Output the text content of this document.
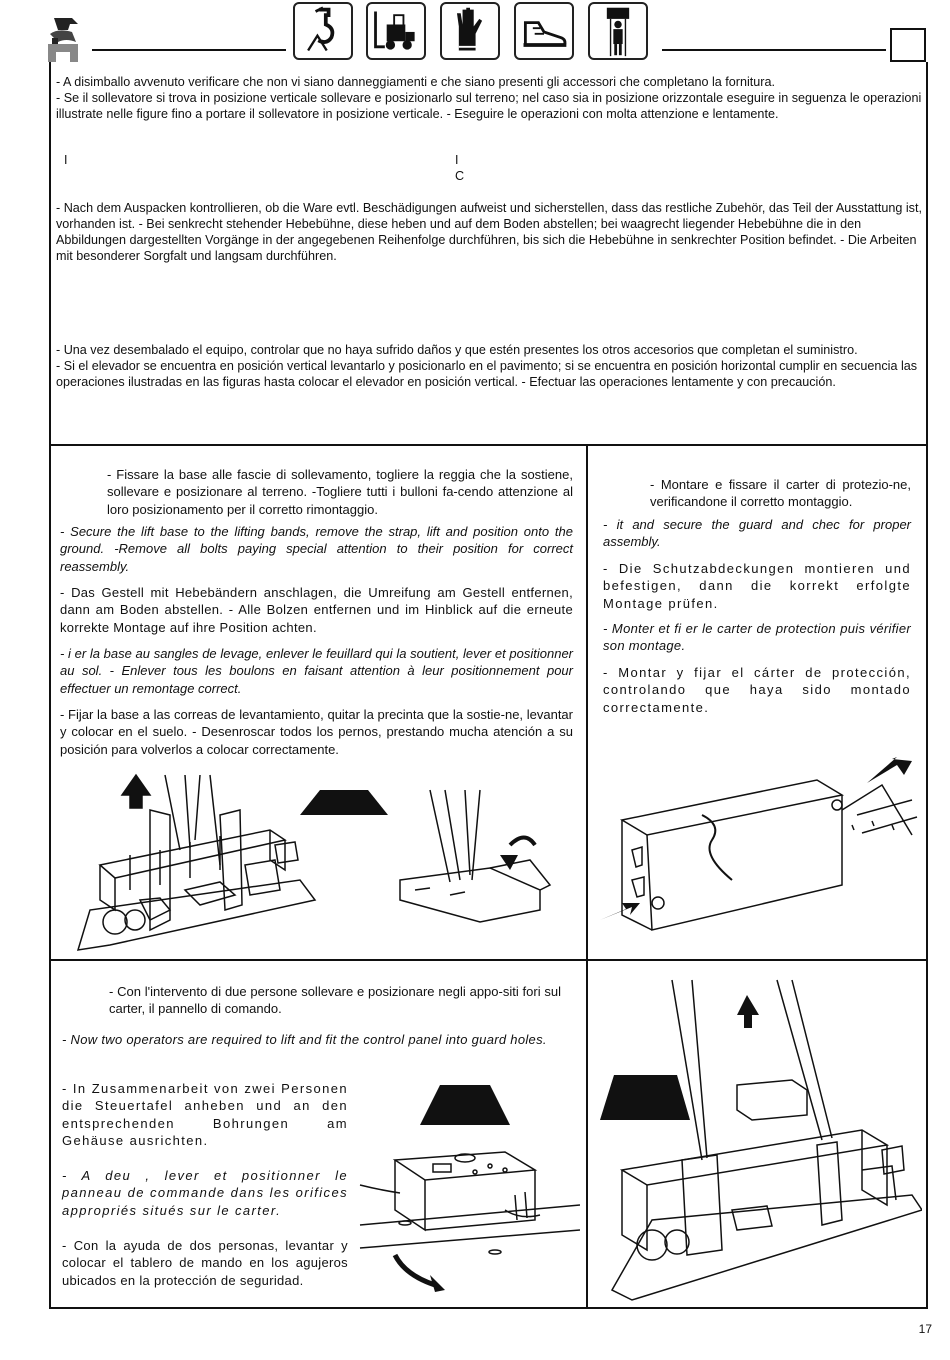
- A disimballo avvenuto verificare che non vi siano danneggiamenti e che siano presenti gli accessori che completano la fornitura.

- Se il sollevatore si trova in posizione verticale sollevare e posizionarlo sul terreno; nel caso sia in posizione orizzontale eseguire in seguenza le operazioni illustrate nelle figure fino a portare il sollevatore in posizione verticale. - Eseguire le operazioni con molta attenzione e lentamente.

I	I
C

- Nach dem Auspacken kontrollieren, ob die Ware evtl. Beschädigungen aufweist und sicherstellen, dass das restliche Zubehör, das Teil der Ausstattung ist, vorhanden ist. - Bei senkrecht stehender Hebebühne, diese heben und auf dem Boden abstellen; bei waagrecht liegender Hebebühne die in den Abbildungen dargestellten Vorgänge in der angegebenen Reihenfolge durchführen, bis sich die Hebebühne in senkrechter Position befindet. - Die Arbeiten mit besonderer Sorgfalt und langsam durchführen.

- Una vez desembalado el equipo, controlar que no haya sufrido daños y que estén presentes los otros accesorios que completan el suministro.

- Si el elevador se encuentra en posición vertical levantarlo y posicionarlo en el pavimento; si se encuentra en posición horizontal cumplir en secuencia las operaciones ilustradas en las figuras hasta colocar el elevador en posición vertical. - Efectuar las operaciones lentamente y con precaución.

- Fissare la base alle fascie di sollevamento, togliere la reggia che la sostiene, sollevare e posizionare al terreno. -Togliere tutti i bulloni fa-cendo attenzione al loro posizionamento per il corretto rimontaggio.
- Secure the lift base to the lifting bands, remove the strap, lift and position onto the ground. -Remove all bolts paying special attention to their position for correct reassembly.
- Das Gestell mit Hebebändern anschlagen, die Umreifung am Gestell entfernen, dann am Boden abstellen. - Alle Bolzen entfernen und im Hinblick auf die erneute korrekte Montage auf ihre Position achten.
- i er la base au sangles de levage, enlever le feuillard qui la soutient, lever et positionner au sol. - Enlever tous les boulons en faisant attention à leur positionnement pour effectuer un remontage correct.
- Fijar la base a las correas de levantamiento, quitar la precinta que la sostie-ne, levantar y colocar en el suelo. - Desenroscar todos los pernos, prestando mucha atención a su posición para volverlos a colocar correctamente.
- Montare e fissare il carter di protezio-ne, verificandone il corretto montaggio.
- it and secure the guard and chec for proper assembly.
- Die Schutzabdeckungen montieren und befestigen, dann die korrekt erfolgte Montage prüfen.
- Monter et fi er le carter de protection puis vérifier son montage.
- Montar y fijar el cárter de protección, controlando que haya sido montado correctamente.
- Con l'intervento di due persone sollevare e posizionare negli appo-siti fori sul carter, il pannello di comando.
- Now two operators are required to lift and fit the control panel into guard holes.
- In Zusammenarbeit von zwei Personen die Steuertafel anheben und an den entsprechenden Bohrungen am Gehäuse ausrichten.
- A deu , lever et positionner le panneau de commande dans les orifices appropriés situés sur le carter.
- Con la ayuda de dos personas, levantar y colocar el tablero de mando en los agujeros ubicados en la protección de seguridad.
17
